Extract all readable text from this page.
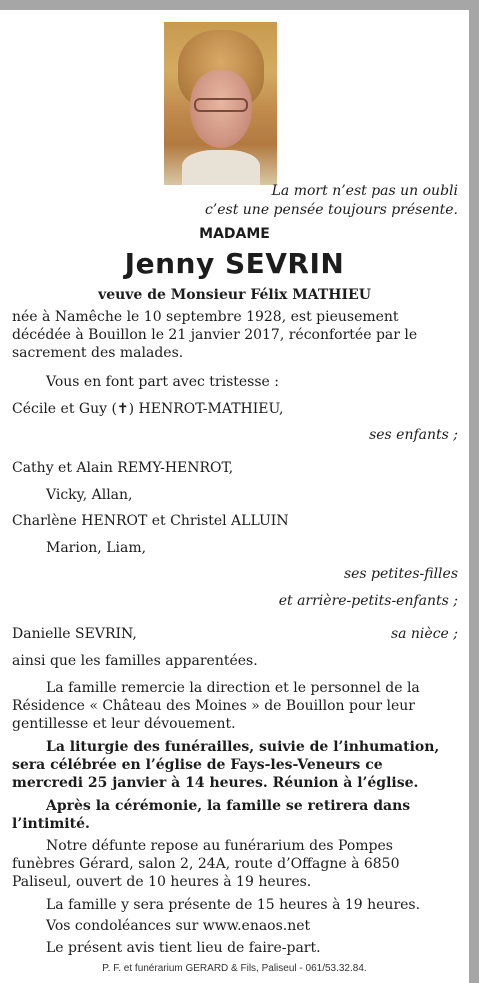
La mort n’est pas un oubli

c’est une pensée toujours présente.

MADAME

Jenny SEVRIN

veuve de Monsieur Félix MATHIEU

née à Namêche le 10 septembre 1928, est pieusement décédée à Bouillon le 21 janvier 2017, réconfortée par le sacrement des malades.

Vous en font part avec tristesse :

Cécile et Guy (✝) HENROT-MATHIEU,

ses enfants ;

Cathy et Alain REMY-HENROT,

Vicky, Allan,

Charlène HENROT et Christel ALLUIN

Marion, Liam,

ses petites-filles

et arrière-petits-enfants ;

Danielle SEVRIN,	sa nièce ;

ainsi que les familles apparentées.

La famille remercie la direction et le personnel de la Résidence « Château des Moines » de Bouillon pour leur gentillesse et leur dévouement.

La liturgie des funérailles, suivie de l’inhumation, sera célébrée en l’église de Fays-les-Veneurs ce mercredi 25 janvier à 14 heures. Réunion à l’église.

Après la cérémonie, la famille se retirera dans l’intimité.

Notre défunte repose au funérarium des Pompes funèbres Gérard, salon 2, 24A, route d’Offagne à 6850 Paliseul, ouvert de 10 heures à 19 heures.

La famille y sera présente de 15 heures à 19 heures.

Vos condoléances sur www.enaos.net

Le présent avis tient lieu de faire-part.

P. F. et funérarium GERARD & Fils, Paliseul - 061/53.32.84.
